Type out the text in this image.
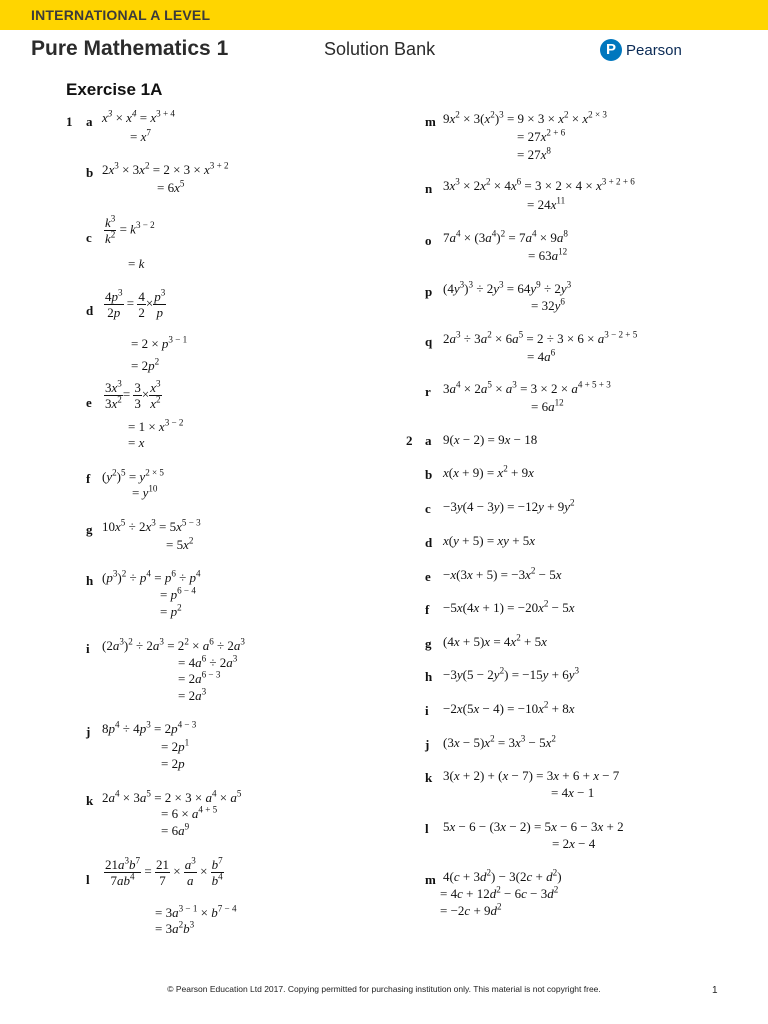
INTERNATIONAL A LEVEL
Pure Mathematics 1	Solution Bank	P Pearson
Exercise 1A
1
2
a $x^3 \times x^4 = x^{3 + 4}$
= $x^7$
b $2x^3 \times 3x^2 = 2 \times 3 \times x^{3 + 2}$
= $6x^5$
c $\frac{k^3}{k^2} = k^{3 - 2}$
= k
d $\frac{4p^3}{2p} = \frac{4}{2} \times \frac{p^3}{p}$
= $2 \times p^{3 - 1}$
= $2p^2$
e $\frac{3x^3}{3x^2} = \frac{3}{3} \times \frac{x^3}{x^2}$
= $1 \times x^{3 - 2}$
= x
f $(y^2)^5 = y^{2 \times 5}$
= $y^{10}$
g $10x^5 \div 2x^3 = 5x^{5 - 3}$
= $5x^2$
h $(p^3)^2 \div p^4 = p^6 \div p^4$
= $p^{6 - 4}$
= $p^2$
i $(2a^3)^2 \div 2a^3 = 2^2 \times a^6 \div 2a^3$
= $4a^6 \div 2a^3$
= $2a^{6 - 3}$
= $2a^3$
j $8p^4 \div 4p^3 = 2p^{4 - 3}$
= $2p^1$
= 2p
k $2a^4 \times 3a^5 = 2 \times 3 \times a^4 \times a^5$
= $6 \times a^{4 + 5}$
= $6a^9$
l $\frac{21a^3b^7}{7ab^4} = \frac{21}{7} \times \frac{a^3}{a} \times \frac{b^7}{b^4}$
= $3a^{3 - 1} \times b^{7 - 4}$
= $3a^2b^3$
m $9x^2 \times 3(x^2)^3 = 9 \times 3 \times x^2 \times x^{2 \times 3}$
= $27x^{2 + 6}$
= $27x^8$
n $3x^3 \times 2x^2 \times 4x^6 = 3 \times 2 \times 4 \times x^{3 + 2 + 6}$
= $24x^{11}$
o $7a^4 \times (3a^4)^2 = 7a^4 \times 9a^8$
= $63a^{12}$
p $(4y^3)^3 \div 2y^3 = 64y^9 \div 2y^3$
= $32y^6$
q $2a^3 \div 3a^2 \times 6a^5 = 2 \div 3 \times 6 \times a^{3 - 2 + 5}$
= $4a^6$
r $3a^4 \times 2a^5 \times a^3 = 3 \times 2 \times a^{4 + 5 + 3}$
= $6a^{12}$
a 9(x − 2) = 9x − 18
b $x(x + 9) = x^2 + 9x$
$c -3y(4 - 3y) = -12y + 9y^2$
d x(y + 5) = xy + 5x
$e -x(3x + 5) = -3x^2 - 5x$
$f -5x(4x + 1) = -20x^2 - 5x$
g $(4x + 5)x = 4x^2 + 5x$
$h -3y(5 - 2y^2) = -15y + 6y^3$
$i -2x(5x - 4) = -10x^2 + 8x$
j $(3x - 5)x^2 = 3x^3 - 5x^2$
k 3(x + 2) + (x − 7) = 3x + 6 + x − 7
= 4x − 1
l 5x − 6 − (3x − 2) = 5x − 6 − 3x + 2
= 2x − 4
m $4(c + 3d^2) - 3(2c + d^2)$
= $4c + 12d^2 - 6c - 3d^2$
= $-2c + 9d^2$
© Pearson Education Ltd 2017. Copying permitted for purchasing institution only. This material is not copyright free.	1
